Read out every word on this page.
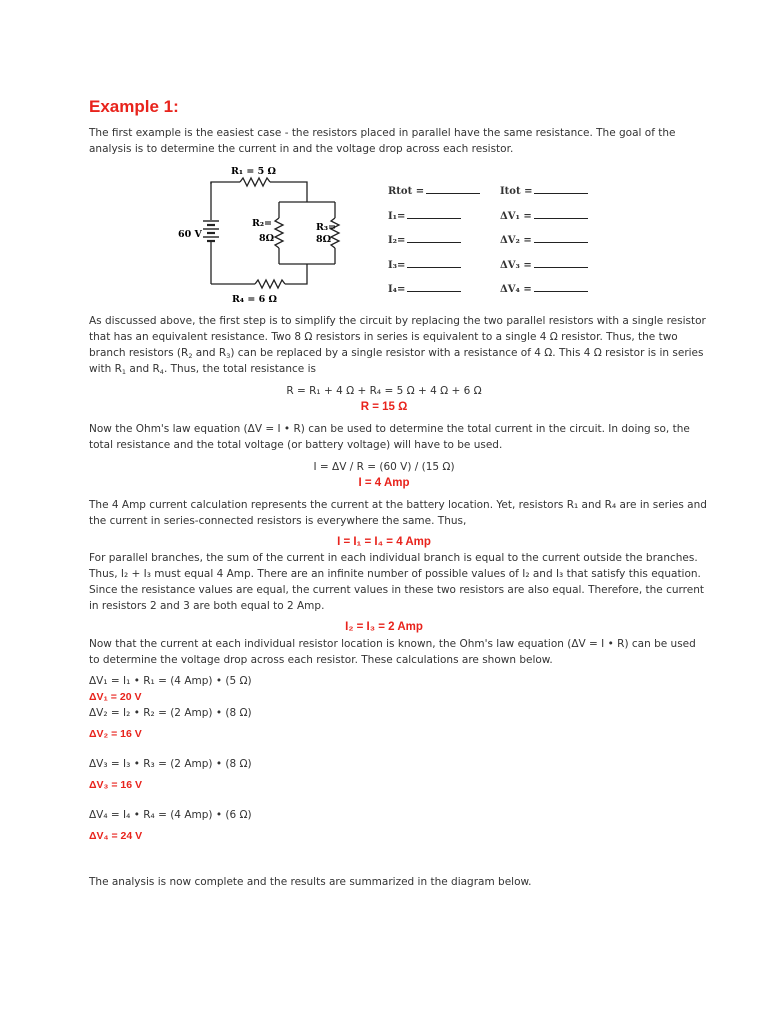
Example 1:

The first example is the easiest case - the resistors placed in parallel have the same resistance. The goal of the analysis is to determine the current in and the voltage drop across each resistor.

60 V
R₁ = 5 Ω
R₂=
8Ω
R₃=
8Ω
R₄ = 6 Ω
Rtot =	Itot =
I₁=	ΔV₁ =
I₂=	ΔV₂ =
I₃=	ΔV₃ =
I₄=	ΔV₄ =
As discussed above, the first step is to simplify the circuit by replacing the two parallel resistors with a single resistor
that has an equivalent resistance. Two 8 Ω resistors in series is equivalent to a single 4 Ω resistor. Thus, the two
branch resistors ($R_2$ and $R_3$) can be replaced by a single resistor with a resistance of 4 Ω. This 4 Ω resistor is in series
with $R_1$ and $R_4$. Thus, the total resistance is
R = R₁ + 4 Ω + R₄ = 5 Ω + 4 Ω + 6 Ω
R = 15 Ω
Now the Ohm's law equation (ΔV = I • R) can be used to determine the total current in the circuit. In doing so, the
total resistance and the total voltage (or battery voltage) will have to be used.
I = ΔV / R = (60 V) / (15 Ω)
I = 4 Amp
The 4 Amp current calculation represents the current at the battery location. Yet, resistors R₁ and R₄ are in series and
the current in series-connected resistors is everywhere the same. Thus,
I = I₁ = I₄ = 4 Amp
For parallel branches, the sum of the current in each individual branch is equal to the current outside the branches.
Thus, I₂ + I₃ must equal 4 Amp. There are an infinite number of possible values of I₂ and I₃ that satisfy this equation.
Since the resistance values are equal, the current values in these two resistors are also equal. Therefore, the current
in resistors 2 and 3 are both equal to 2 Amp.
I₂ = I₃ = 2 Amp
Now that the current at each individual resistor location is known, the Ohm's law equation (ΔV = I • R) can be used
to determine the voltage drop across each resistor. These calculations are shown below.
ΔV₁ = I₁ • R₁ = (4 Amp) • (5 Ω)
ΔV₁ = 20 V
ΔV₂ = I₂ • R₂ = (2 Amp) • (8 Ω)
ΔV₂ = 16 V
ΔV₃ = I₃ • R₃ = (2 Amp) • (8 Ω)
ΔV₃ = 16 V
ΔV₄ = I₄ • R₄ = (4 Amp) • (6 Ω)
ΔV₄ = 24 V
The analysis is now complete and the results are summarized in the diagram below.
